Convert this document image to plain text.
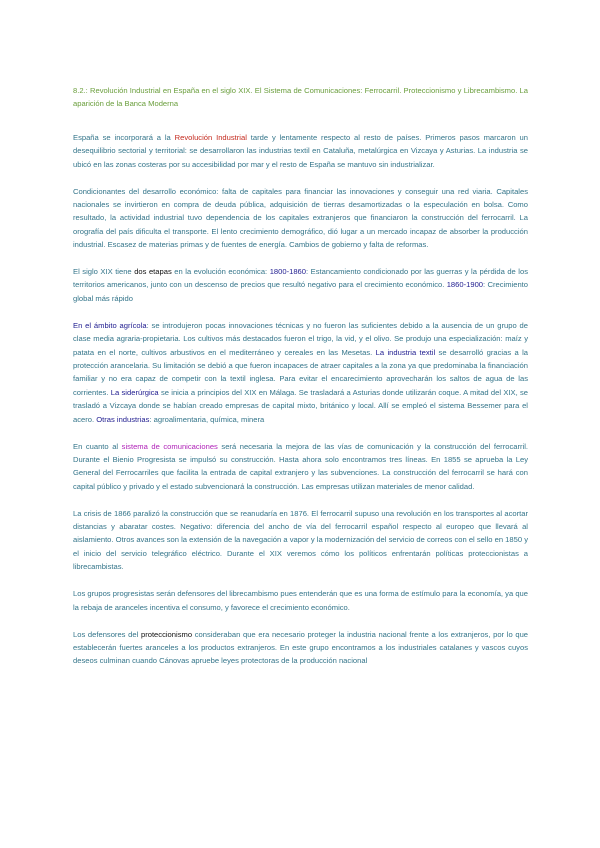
8.2.: Revolución Industrial en España en el siglo XIX. El Sistema de Comunicaciones: Ferrocarril. Proteccionismo y Librecambismo. La aparición de la Banca Moderna

España se incorporará a la Revolución Industrial tarde y lentamente respecto al resto de países. Primeros pasos marcaron un desequilibrio sectorial y territorial: se desarrollaron las industrias textil en Cataluña, metalúrgica en Vizcaya y Asturias. La industria se ubicó en las zonas costeras por su accesibilidad por mar y el resto de España se mantuvo sin industrializar.

Condicionantes del desarrollo económico: falta de capitales para financiar las innovaciones y conseguir una red viaria. Capitales nacionales se invirtieron en compra de deuda pública, adquisición de tierras desamortizadas o la especulación en bolsa. Como resultado, la actividad industrial tuvo dependencia de los capitales extranjeros que financiaron la construcción del ferrocarril. La orografía del país dificulta el transporte. El lento crecimiento demográfico, dió lugar a un mercado incapaz de absorber la producción industrial. Escasez de materias primas y de fuentes de energía. Cambios de gobierno y falta de reformas.

El siglo XIX tiene dos etapas en la evolución económica: 1800-1860: Estancamiento condicionado por las guerras y la pérdida de los territorios americanos, junto con un descenso de precios que resultó negativo para el crecimiento económico. 1860-1900: Crecimiento global más rápido

En el ámbito agrícola: se introdujeron pocas innovaciones técnicas y no fueron las suficientes debido a la ausencia de un grupo de clase media agraria-propietaria. Los cultivos más destacados fueron el trigo, la vid, y el olivo. Se produjo una especialización: maíz y patata en el norte, cultivos arbustivos en el mediterráneo y cereales en las Mesetas. La industria textil se desarrolló gracias a la protección arancelaria. Su limitación se debió a que fueron incapaces de atraer capitales a la zona ya que predominaba la financiación familiar y no era capaz de competir con la textil inglesa. Para evitar el encarecimiento aprovecharán los saltos de agua de las corrientes. La siderúrgica se inicia a principios del XIX en Málaga. Se trasladará a Asturias donde utilizarán coque. A mitad del XIX, se trasladó a Vizcaya donde se habían creado empresas de capital mixto, británico y local. Allí se empleó el sistema Bessemer para el acero. Otras industrias: agroalimentaria, química, minera

En cuanto al sistema de comunicaciones será necesaria la mejora de las vías de comunicación y la construcción del ferrocarril. Durante el Bienio Progresista se impulsó su construcción. Hasta ahora solo encontramos tres líneas. En 1855 se aprueba la Ley General del Ferrocarriles que facilita la entrada de capital extranjero y las subvenciones. La construcción del ferrocarril se hará con capital público y privado y el estado subvencionará la construcción. Las empresas utilizan materiales de menor calidad.

La crisis de 1866 paralizó la construcción que se reanudaría en 1876. El ferrocarril supuso una revolución en los transportes al acortar distancias y abaratar costes. Negativo: diferencia del ancho de vía del ferrocarril español respecto al europeo que llevará al aislamiento. Otros avances son la extensión de la navegación a vapor y la modernización del servicio de correos con el sello en 1850 y el inicio del servicio telegráfico eléctrico. Durante el XIX veremos cómo los políticos enfrentarán políticas proteccionistas a librecambistas.

Los grupos progresistas serán defensores del librecambismo pues entenderán que es una forma de estímulo para la economía, ya que la rebaja de aranceles incentiva el consumo, y favorece el crecimiento económico.

Los defensores del proteccionismo consideraban que era necesario proteger la industria nacional frente a los extranjeros, por lo que establecerán fuertes aranceles a los productos extranjeros. En este grupo encontramos a los industriales catalanes y vascos cuyos deseos culminan cuando Cánovas apruebe leyes protectoras de la producción nacional
